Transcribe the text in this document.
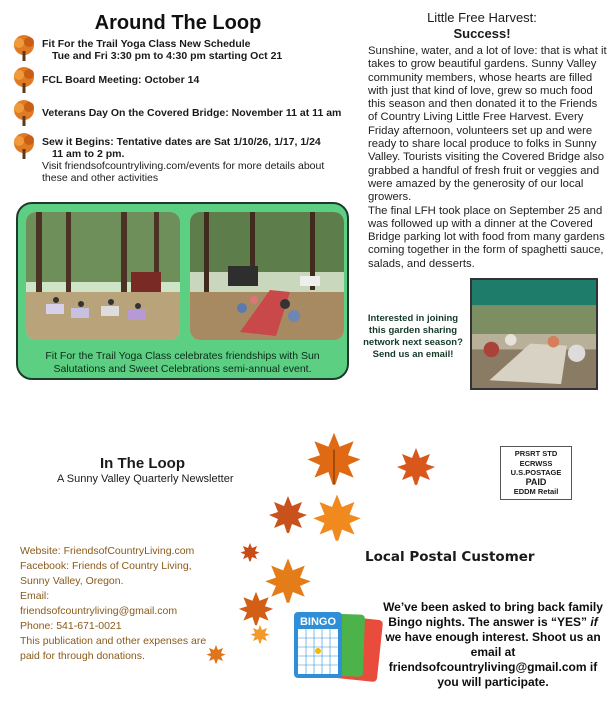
Around The Loop
Fit For the Trail Yoga Class New Schedule
Tue and Fri 3:30 pm to 4:30 pm starting Oct 21
FCL Board Meeting: October 14
Veterans Day On the Covered Bridge: November 11 at 11 am
Sew it Begins: Tentative dates are Sat 1/10/26, 1/17, 1/24
11 am to 2 pm.
Visit friendsofcountryliving.com/events for more details about these and other activities
Fit For the Trail Yoga Class celebrates friendships with Sun Salutations and Sweet Celebrations semi-annual event.
Little Free Harvest:
Success!

Sunshine, water, and a lot of love: that is what it takes to grow beautiful gardens. Sunny Valley community members, whose hearts are filled with just that kind of love, grew so much food this season and then donated it to the Friends of Country Living Little Free Harvest. Every Friday afternoon, volunteers set up and were ready to share local produce to folks in Sunny Valley. Tourists visiting the Covered Bridge also grabbed a handful of fresh fruit or veggies and were amazed by the generosity of our local growers.

The final LFH took place on September 25 and was followed up with a dinner at the Covered Bridge parking lot with food from many gardens coming together in the form of spaghetti sauce, salads, and desserts.

Interested in joining this garden sharing network next season? Send us an email!
In The Loop
A Sunny Valley Quarterly Newsletter
PRSRT STD
ECRWSS
U.S.POSTAGE
PAID
EDDM Retail
Website: FriendsofCountryLiving.com
Facebook: Friends of Country Living, Sunny Valley, Oregon.
Email:
friendsofcountryliving@gmail.com
Phone: 541-671-0021
This publication and other expenses are paid for through donations.
Local Postal Customer
BINGO
We’ve been asked to bring back family Bingo nights. The answer is “YES” if we have enough interest. Shoot us an email at friendsofcountryliving@gmail.com if you will participate.
